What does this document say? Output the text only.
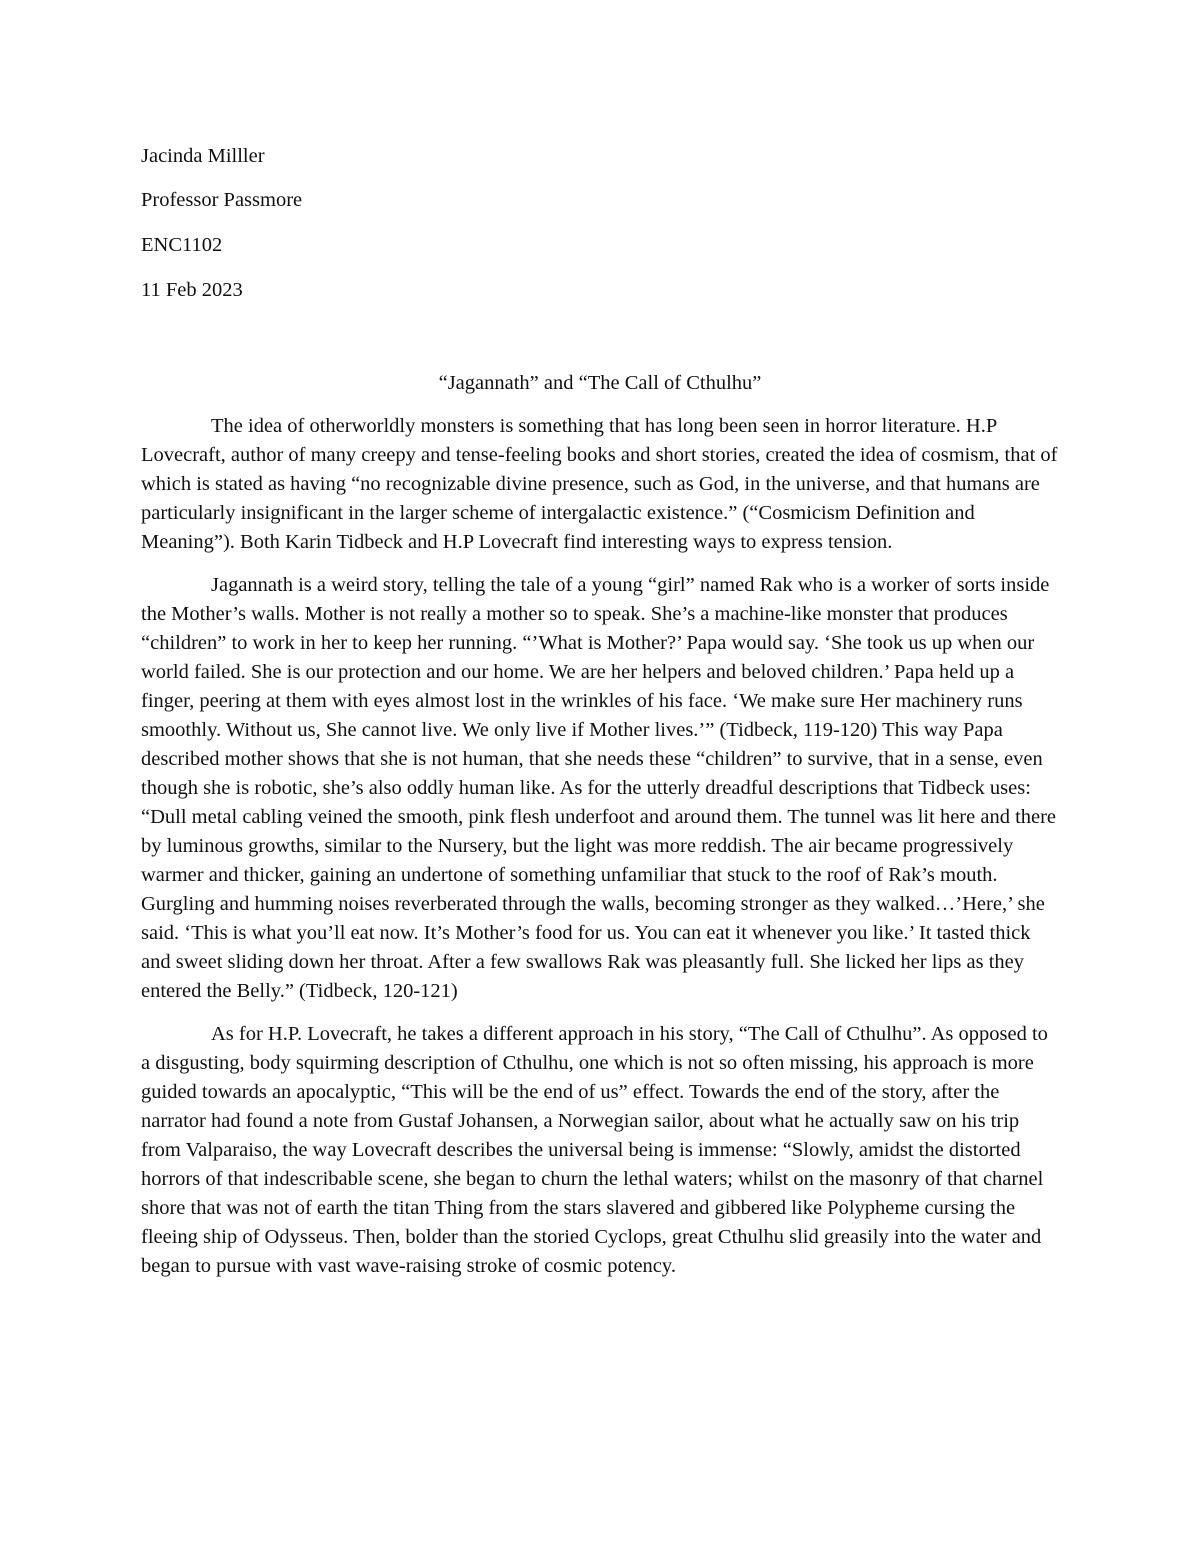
Jacinda Milller

Professor Passmore

ENC1102

11 Feb 2023

“Jagannath” and “The Call of Cthulhu”

The idea of otherworldly monsters is something that has long been seen in horror literature. H.P Lovecraft, author of many creepy and tense-feeling books and short stories, created the idea of cosmism, that of which is stated as having “no recognizable divine presence, such as God, in the universe, and that humans are particularly insignificant in the larger scheme of intergalactic existence.” (“Cosmicism Definition and Meaning”). Both Karin Tidbeck and H.P Lovecraft find interesting ways to express tension.

Jagannath is a weird story, telling the tale of a young “girl” named Rak who is a worker of sorts inside the Mother’s walls. Mother is not really a mother so to speak. She’s a machine-like monster that produces “children” to work in her to keep her running. “’What is Mother?’ Papa would say. ‘She took us up when our world failed. She is our protection and our home. We are her helpers and beloved children.’ Papa held up a finger, peering at them with eyes almost lost in the wrinkles of his face. ‘We make sure Her machinery runs smoothly. Without us, She cannot live. We only live if Mother lives.’” (Tidbeck, 119-120) This way Papa described mother shows that she is not human, that she needs these “children” to survive, that in a sense, even though she is robotic, she’s also oddly human like. As for the utterly dreadful descriptions that Tidbeck uses: “Dull metal cabling veined the smooth, pink flesh underfoot and around them. The tunnel was lit here and there by luminous growths, similar to the Nursery, but the light was more reddish. The air became progressively warmer and thicker, gaining an undertone of something unfamiliar that stuck to the roof of Rak’s mouth. Gurgling and humming noises reverberated through the walls, becoming stronger as they walked…’Here,’ she said. ‘This is what you’ll eat now. It’s Mother’s food for us. You can eat it whenever you like.’ It tasted thick and sweet sliding down her throat. After a few swallows Rak was pleasantly full. She licked her lips as they entered the Belly.” (Tidbeck, 120-121)

As for H.P. Lovecraft, he takes a different approach in his story, “The Call of Cthulhu”. As opposed to a disgusting, body squirming description of Cthulhu, one which is not so often missing, his approach is more guided towards an apocalyptic, “This will be the end of us” effect. Towards the end of the story, after the narrator had found a note from Gustaf Johansen, a Norwegian sailor, about what he actually saw on his trip from Valparaiso, the way Lovecraft describes the universal being is immense: “Slowly, amidst the distorted horrors of that indescribable scene, she began to churn the lethal waters; whilst on the masonry of that charnel shore that was not of earth the titan Thing from the stars slavered and gibbered like Polypheme cursing the fleeing ship of Odysseus. Then, bolder than the storied Cyclops, great Cthulhu slid greasily into the water and began to pursue with vast wave-raising stroke of cosmic potency.
